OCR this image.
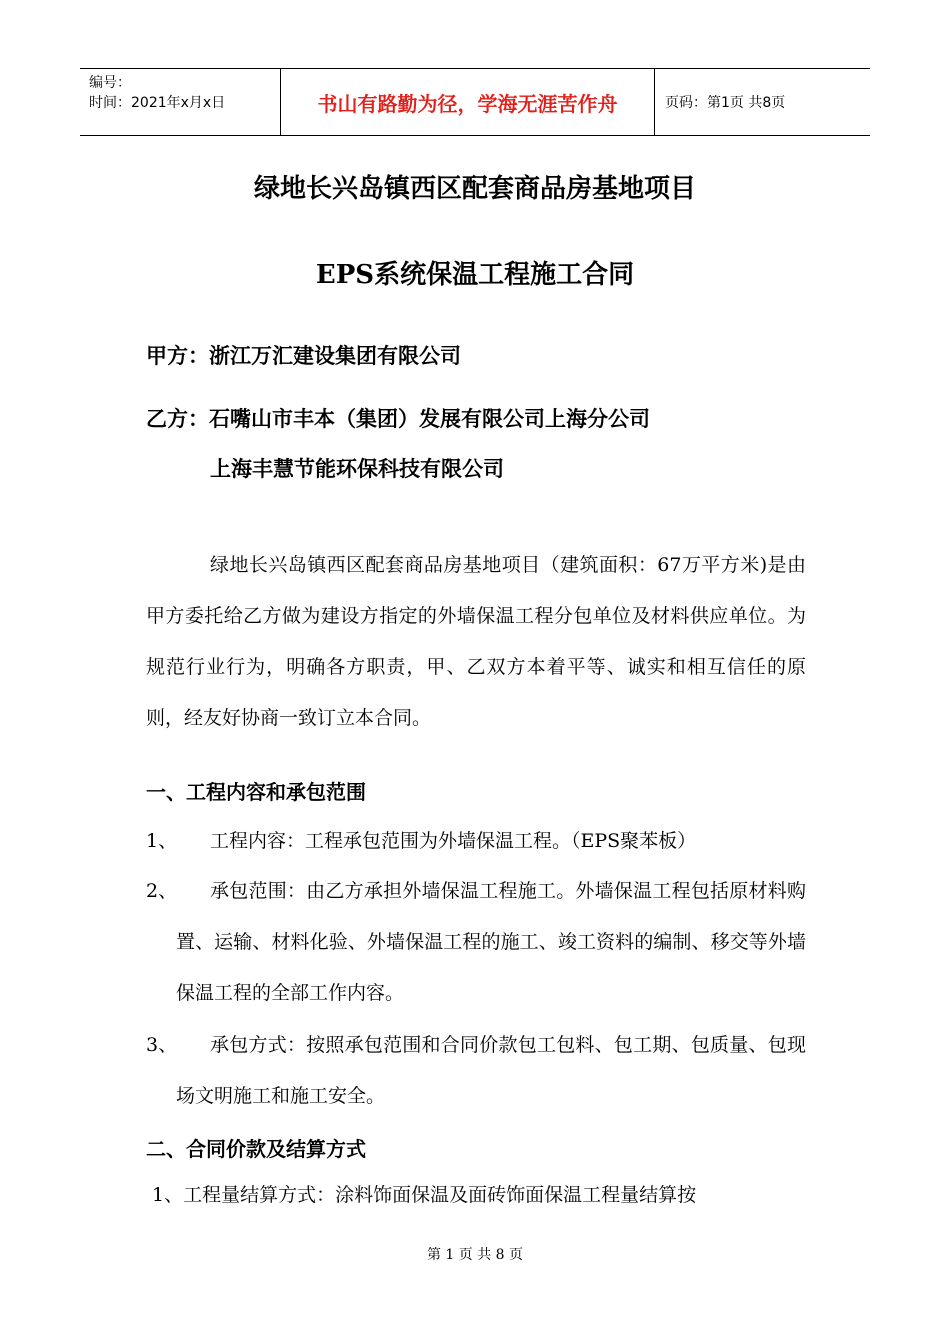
编号：
时间：2021年x月x日	书山有路勤为径，学海无涯苦作舟	页码：第1页 共8页
绿地长兴岛镇西区配套商品房基地项目
EPS系统保温工程施工合同
甲方：浙江万汇建设集团有限公司
乙方：石嘴山市丰本（集团）发展有限公司上海分公司
上海丰慧节能环保科技有限公司

绿地长兴岛镇西区配套商品房基地项目（建筑面积：67万平方米)是由甲方委托给乙方做为建设方指定的外墙保温工程分包单位及材料供应单位。为规范行业行为，明确各方职责，甲、乙双方本着平等、诚实和相互信任的原则，经友好协商一致订立本合同。

一、工程内容和承包范围
1、	工程内容：工程承包范围为外墙保温工程。（EPS聚苯板）

2、	承包范围：由乙方承担外墙保温工程施工。外墙保温工程包括原材料购置、运输、材料化验、外墙保温工程的施工、竣工资料的编制、移交等外墙保温工程的全部工作内容。

3、	承包方式：按照承包范围和合同价款包工包料、包工期、包质量、包现场文明施工和施工安全。

二、合同价款及结算方式
1、工程量结算方式：涂料饰面保温及面砖饰面保温工程量结算按
第 1 页 共 8 页
